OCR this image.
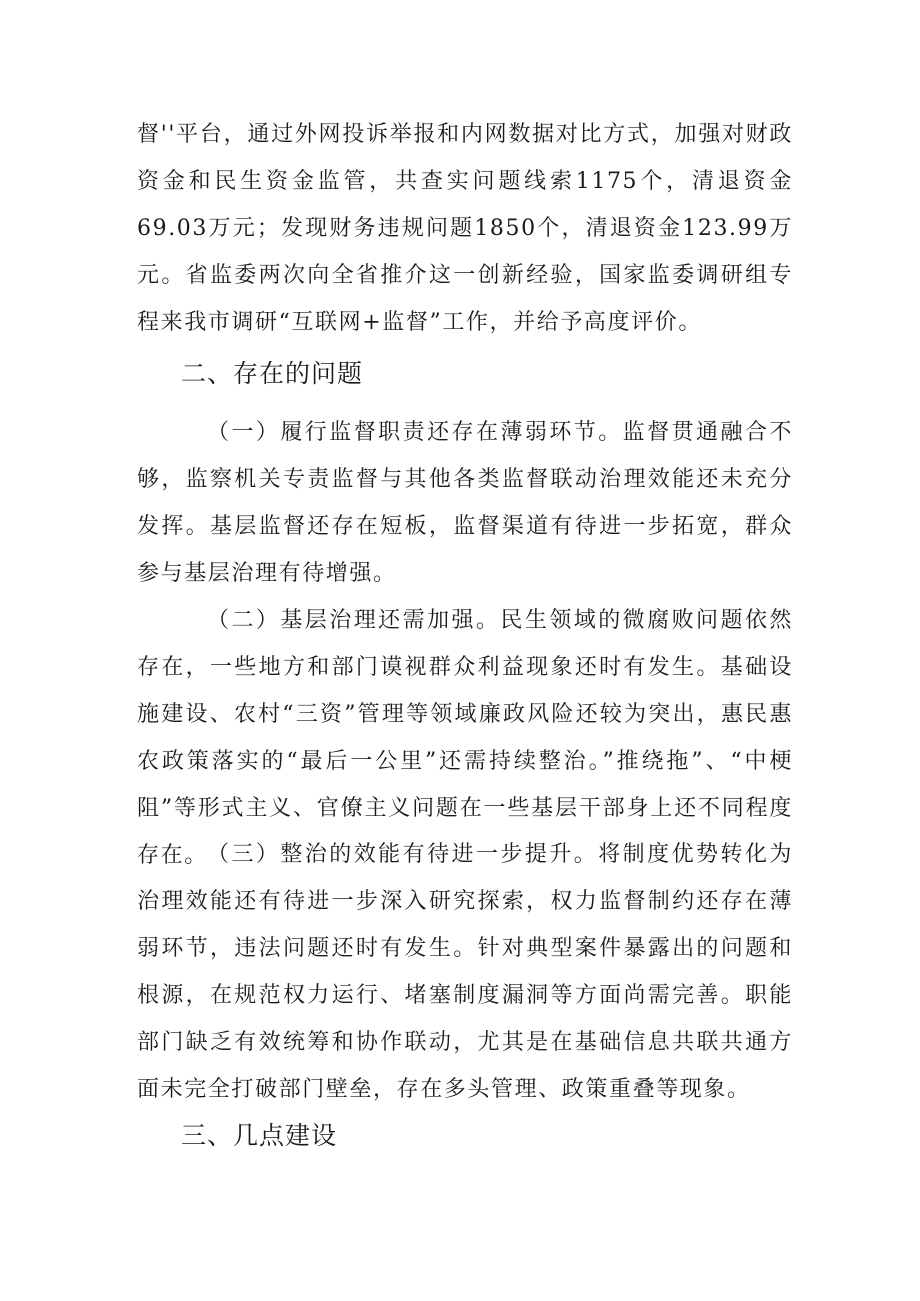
督''平台，通过外网投诉举报和内网数据对比方式，加强对财政资金和民生资金监管，共查实问题线索1175个，清退资金69.03万元；发现财务违规问题1850个，清退资金123.99万元。省监委两次向全省推介这一创新经验，国家监委调研组专程来我市调研“互联网+监督”工作，并给予高度评价。

二、存在的问题

（一）履行监督职责还存在薄弱环节。监督贯通融合不够，监察机关专责监督与其他各类监督联动治理效能还未充分发挥。基层监督还存在短板，监督渠道有待进一步拓宽，群众参与基层治理有待增强。

（二）基层治理还需加强。民生领域的微腐败问题依然存在，一些地方和部门谟视群众利益现象还时有发生。基础设施建设、农村“三资”管理等领域廉政风险还较为突出，惠民惠农政策落实的“最后一公里”还需持续整治。”推绕拖”、“中梗阻”等形式主义、官僚主义问题在一些基层干部身上还不同程度存在。 （三）整治的效能有待进一步提升。将制度优势转化为治理效能还有待进一步深入研究探索，权力监督制约还存在薄弱环节，违法问题还时有发生。针对典型案件暴露出的问题和根源，在规范权力运行、堵塞制度漏洞等方面尚需完善。职能部门缺乏有效统筹和协作联动，尤其是在基础信息共联共通方面未完全打破部门壁垒，存在多头管理、政策重叠等现象。

三、几点建设
